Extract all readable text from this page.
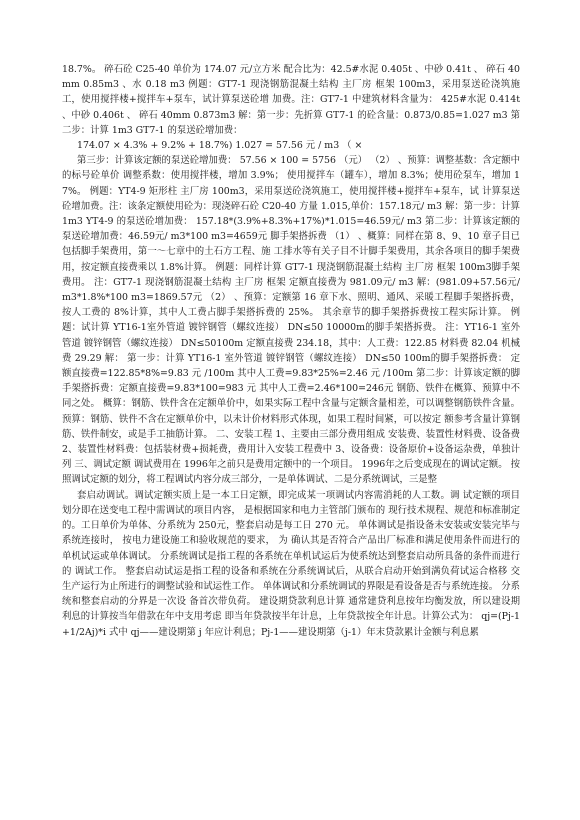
18.7%。 碎石砼 C25-40 单价为 174.07 元/立方米 配合比为：42.5#水泥 0.405t 、中砂 0.41t 、 碎石 40mm 0.85m3 、水 0.18 m3 例题：GT7-1 现浇钢筋混凝土结构 主厂房 框架 100m3，采用泵送砼浇筑施工，使用搅拌楼+搅拌车+泵车，试计算泵送砼增 加费。注：GT7-1 中建筑材料含量为： 425#水泥 0.414t 、中砂 0.406t 、 碎石 40mm 0.873m3 解：第一步：先折算 GT7-1 的砼含量：0.873/0.85=1.027 m3 第二步：计算 1m3 GT7-1 的泵送砼增加费：

174.07 × 4.3% + 9.2% + 18.7%) 1.027 = 57.56 元 / m3 （ ×

第三步：计算该定额的泵送砼增加费： 57.56 × 100 = 5756 （元） （2） 、预算：调整基数：含定额中的标号砼单价 调整系数：使用搅拌楼，增加 3.9%； 使用搅拌车（罐车），增加 8.3%；使用砼泵车，增加 17%。 例题：YT4-9 矩形柱 主厂房 100m3，采用泵送砼浇筑施工，使用搅拌楼+搅拌车+泵车，试 计算泵送砼增加费。注：该条定额使用砼为：现浇碎石砼 C20-40 方量 1.015,单价：157.18元/ m3 解：第一步：计算 1m3 YT4-9 的泵送砼增加费： 157.18*(3.9%+8.3%+17%)*1.015=46.59元/ m3 第二步：计算该定额的泵送砼增加费：46.59元/ m3*100 m3=4659元 脚手架搭拆费 （1） 、概算：同样在第 8、9、10 章子目已包括脚手架费用，第一～七章中的土石方工程、施 工排水等有关子目不计脚手架费用，其余各项目的脚手架费用，按定额直接费乘以 1.8%计算。 例题：同样计算 GT7-1 现浇钢筋混凝土结构 主厂房 框架 100m3脚手架费用。 注：GT7-1 现浇钢筋混凝土结构 主厂房 框架 定额直接费为 981.09元/ m3 解：(981.09+57.56元/ m3*1.8%*100 m3=1869.57元 （2） 、预算：定额第 16 章下水、照明、通风、采暖工程脚手架搭拆费，按人工费的 8%计算，其中人工费占脚手架搭拆费的 25%。 其余章节的脚手架搭拆费按工程实际计算。 例题：试计算 YT16-1室外管道 镀锌钢管（螺纹连接） DN≤50 10000m的脚手架搭拆费。 注：YT16-1 室外管道 镀锌钢管（螺纹连接） DN≤50100m 定额直接费 234.18，其中：人工费：122.85 材料费 82.04 机械费 29.29 解： 第一步：计算 YT16-1 室外管道 镀锌钢管（螺纹连接） DN≤50 100m的脚手架搭拆费： 定额直接费=122.85*8%=9.83 元 /100m 其中人工费=9.83*25%=2.46 元 /100m 第二步：计算该定额的脚手架搭拆费：定额直接费=9.83*100=983 元 其中人工费=2.46*100=246元 钢筋、铁件在概算、预算中不同之处。 概算：钢筋、铁件含在定额单价中，如果实际工程中含量与定额含量相差，可以调整钢筋铁件含量。 预算：钢筋、铁件不含在定额单价中，以未计价材料形式体现，如果工程时间紧，可以按定 额参考含量计算钢筋、铁件制安，或是手工抽筋计算。 二、安装工程 1、主要由三部分费用组成 安装费、装置性材料费、设备费 2、装置性材料费：包括装材费+损耗费，费用计入安装工程费中 3、设备费：设备原价+设备运杂费，单独计列 三、调试定额 调试费用在 1996年之前只是费用定额中的一个项目。 1996年之后变成现在的调试定额。 按 照调试定额的划分，将工程调试内容分成三部分，一是单体调试、二是分系统调试，三是整

套启动调试。调试定额实质上是一本工日定额，即完成某一项调试内容需消耗的人工数。调 试定额的项目划分即在送变电工程中需调试的项目内容， 是根据国家和电力主管部门颁布的 现行技术规程、规范和标准制定的。工日单价为单体、分系统为 250元，整套启动是每工日 270 元。 单体调试是指设备未安装或安装完毕与系统连接时， 按电力建设施工和验收规范的要求， 为 确认其是否符合产品出厂标准和满足使用条件而进行的单机试运或单体调试。 分系统调试是指工程的各系统在单机试运后为使系统达到整套启动所具备的条件而进行的 调试工作。 整套启动试运是指工程的设备和系统在分系统调试后，从联合启动开始到满负荷试运合格移 交生产运行为止所进行的调整试验和试运性工作。 单体调试和分系统调试的界限是看设备是否与系统连接。 分系统和整套启动的分界是一次设 备首次带负荷。 建设期贷款利息计算 通常建贷利息按年均衡发放，所以建设期利息的计算按当年借款在年中支用考虑 即当年贷款按半年计息，上年贷款按全年计息。计算公式为： qj=(Pj-1+1/2Aj)*i 式中 qj——建设期第 j 年应计利息；Pj-1——建设期第（j-1）年末贷款累计金额与利息累
